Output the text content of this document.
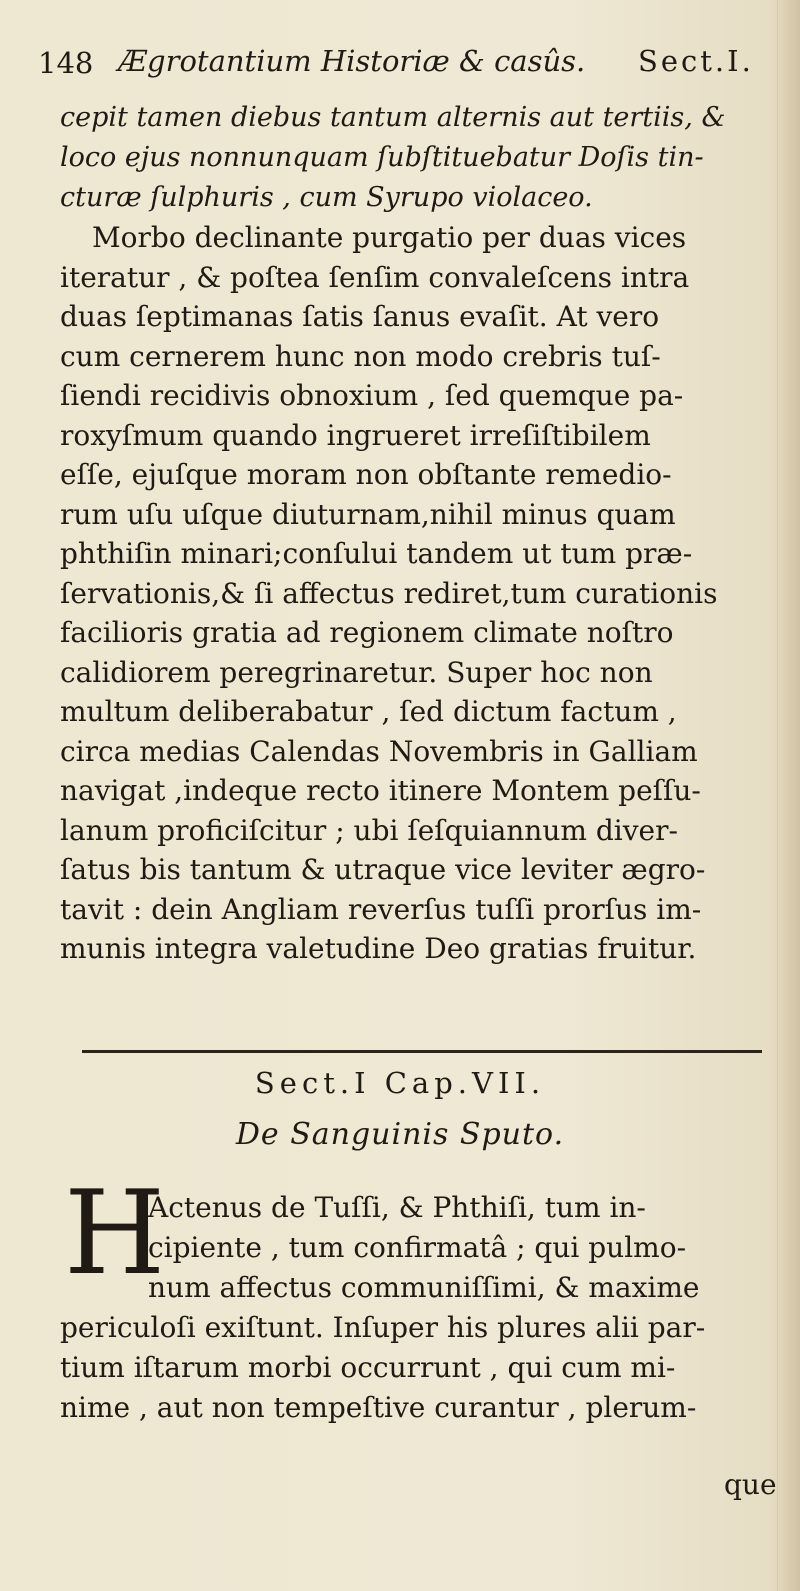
148 Ægrotantium Historiæ & casûs. Sect.I.
cepit tamen diebus tantum alternis aut tertiis, &
loco ejus nonnunquam ſubſtituebatur Doſis tin-
cturæ ſulphuris , cum Syrupo violaceo.
Morbo declinante purgatio per duas vices
iteratur , & poſtea ſenſim convaleſcens intra
duas ſeptimanas ſatis ſanus evaſit. At vero
cum cernerem hunc non modo crebris tuſ-
ſiendi recidivis obnoxium , ſed quemque pa-
roxyſmum quando ingrueret irreſiſtibilem
eſſe, ejuſque moram non obſtante remedio-
rum uſu uſque diuturnam,nihil minus quam
phthiſin minari;conſului tandem ut tum præ-
ſervationis,& ſi affectus rediret,tum curationis
facilioris gratia ad regionem climate noſtro
calidiorem peregrinaretur. Super hoc non
multum deliberabatur , ſed dictum factum ,
circa medias Calendas Novembris in Galliam
navigat ,indeque recto itinere Montem peſſu-
lanum proficiſcitur ; ubi ſeſquiannum diver-
ſatus bis tantum & utraque vice leviter ægro-
tavit : dein Angliam reverſus tuſſi prorſus im-
munis integra valetudine Deo gratias fruitur.
Sect.I Cap.VII.
De Sanguinis Sputo.
H
Actenus de Tuſſi, & Phthiſi, tum in-
cipiente , tum confirmatâ ; qui pulmo-
num affectus communiſſimi, & maxime
periculoſi exiſtunt. Inſuper his plures alii par-
tium iſtarum morbi occurrunt , qui cum mi-
nime , aut non tempeſtive curantur , plerum-
que
